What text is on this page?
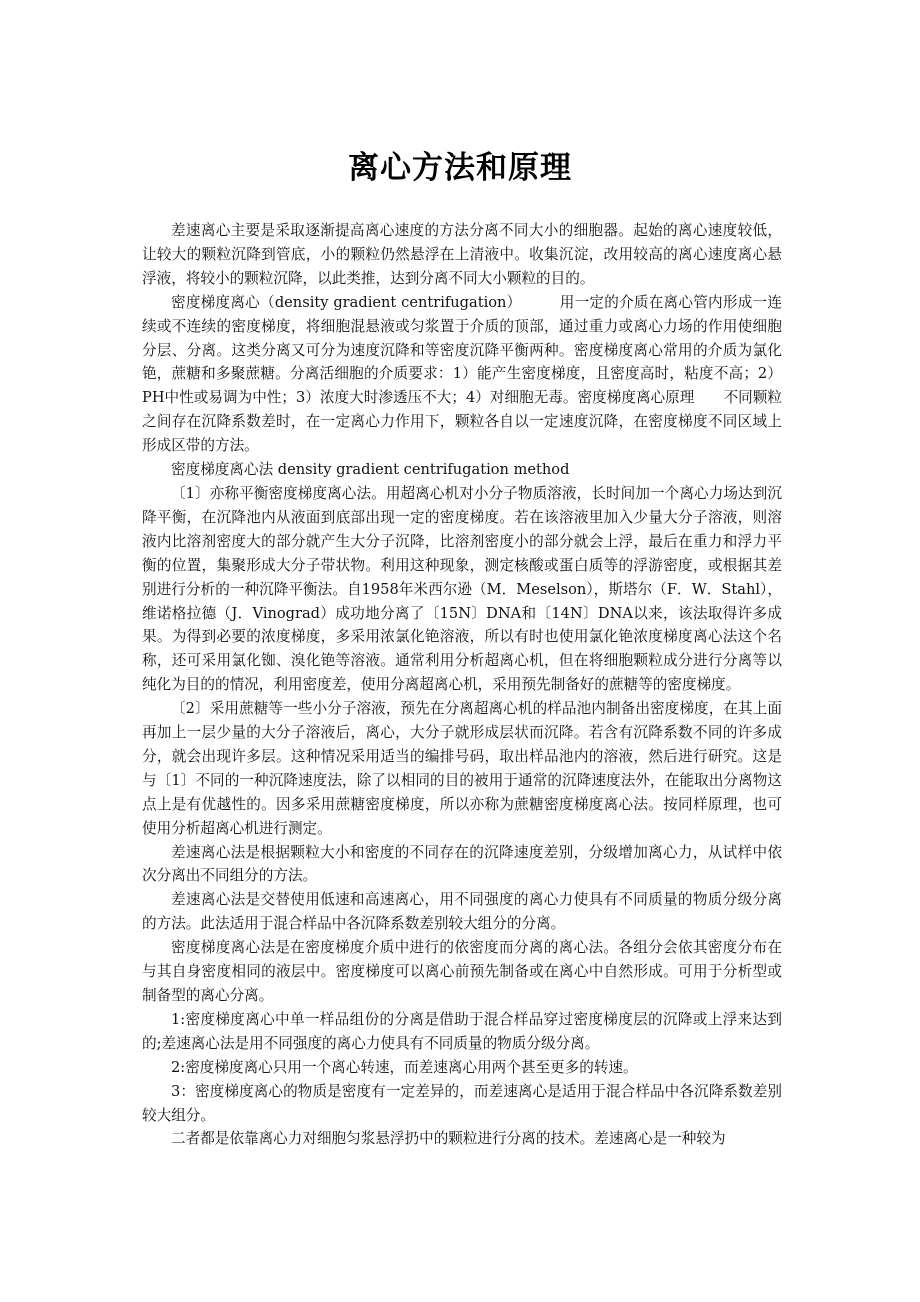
离心方法和原理

差速离心主要是采取逐渐提高离心速度的方法分离不同大小的细胞器。起始的离心速度较低，让较大的颗粒沉降到管底，小的颗粒仍然悬浮在上清液中。收集沉淀，改用较高的离心速度离心悬浮液，将较小的颗粒沉降，以此类推，达到分离不同大小颗粒的目的。

密度梯度离心（density gradient centrifugation）	用一定的介质在离心管内形成一连续或不连续的密度梯度，将细胞混悬液或匀浆置于介质的顶部，通过重力或离心力场的作用使细胞分层、分离。这类分离又可分为速度沉降和等密度沉降平衡两种。密度梯度离心常用的介质为氯化铯，蔗糖和多聚蔗糖。分离活细胞的介质要求：1）能产生密度梯度，且密度高时，粘度不高；2）PH中性或易调为中性；3）浓度大时渗透压不大；4）对细胞无毒。密度梯度离心原理　　不同颗粒之间存在沉降系数差时，在一定离心力作用下，颗粒各自以一定速度沉降，在密度梯度不同区域上形成区带的方法。

密度梯度离心法 density gradient centrifugation method

〔1〕亦称平衡密度梯度离心法。用超离心机对小分子物质溶液，长时间加一个离心力场达到沉降平衡，在沉降池内从液面到底部出现一定的密度梯度。若在该溶液里加入少量大分子溶液，则溶液内比溶剂密度大的部分就产生大分子沉降，比溶剂密度小的部分就会上浮，最后在重力和浮力平衡的位置，集聚形成大分子带状物。利用这种现象，测定核酸或蛋白质等的浮游密度，或根据其差别进行分析的一种沉降平衡法。自1958年米西尔逊（M．Meselson），斯塔尔（F．W．Stahl），维诺格拉德（J．Vinograd）成功地分离了〔15N〕DNA和〔14N〕DNA以来，该法取得许多成果。为得到必要的浓度梯度，多采用浓氯化铯溶液，所以有时也使用氯化铯浓度梯度离心法这个名称，还可采用氯化铷、溴化铯等溶液。通常利用分析超离心机，但在将细胞颗粒成分进行分离等以纯化为目的的情况，利用密度差，使用分离超离心机，采用预先制备好的蔗糖等的密度梯度。

〔2〕采用蔗糖等一些小分子溶液，预先在分离超离心机的样品池内制备出密度梯度，在其上面再加上一层少量的大分子溶液后，离心，大分子就形成层状而沉降。若含有沉降系数不同的许多成分，就会出现许多层。这种情况采用适当的编排号码，取出样品池内的溶液，然后进行研究。这是与〔1〕不同的一种沉降速度法，除了以相同的目的被用于通常的沉降速度法外，在能取出分离物这点上是有优越性的。因多采用蔗糖密度梯度，所以亦称为蔗糖密度梯度离心法。按同样原理，也可使用分析超离心机进行测定。

差速离心法是根据颗粒大小和密度的不同存在的沉降速度差别，分级增加离心力，从试样中依次分离出不同组分的方法。

差速离心法是交替使用低速和高速离心，用不同强度的离心力使具有不同质量的物质分级分离的方法。此法适用于混合样品中各沉降系数差别较大组分的分离。

密度梯度离心法是在密度梯度介质中进行的依密度而分离的离心法。各组分会依其密度分布在与其自身密度相同的液层中。密度梯度可以离心前预先制备或在离心中自然形成。可用于分析型或制备型的离心分离。

1:密度梯度离心中单一样品组份的分离是借助于混合样品穿过密度梯度层的沉降或上浮来达到的;差速离心法是用不同强度的离心力使具有不同质量的物质分级分离。

2:密度梯度离心只用一个离心转速，而差速离心用两个甚至更多的转速。

3：密度梯度离心的物质是密度有一定差异的，而差速离心是适用于混合样品中各沉降系数差别较大组分。

二者都是依靠离心力对细胞匀浆悬浮扔中的颗粒进行分离的技术。差速离心是一种较为
